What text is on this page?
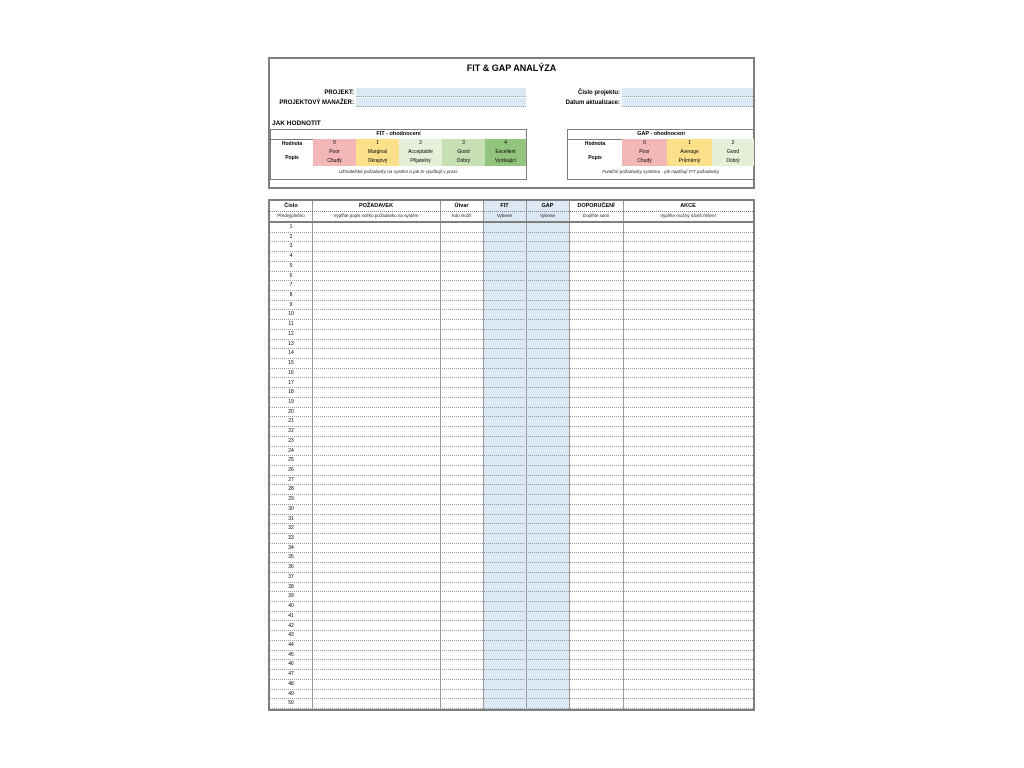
FIT & GAP ANALÝZA
PROJEKT:
PROJEKTOVÝ MANAŽER:
Číslo projektu:
Datum aktualizace:
JAK HODNOTIT
FIT - ohodnocení
Hodnota
Popis
0
Poor
Chudý
1
Marginal
Okrajový
2
Acceptable
Přijatelný
3
Good
Dobrý
4
Excellent
Vynikající
Užívatelské požadavky na systém a jak to vyučkají v praxi.
GAP - ohodnocení
Hodnota
Popis
0
Poor
Chudý
1
Average
Průměrný
2
Good
Dobrý
Funkční požadavky systému - jak naplňují FIT požadavky.
Číslo
Předvyplněno
POŽADAVEK
Vyplňte popis svého požadavku na systém
Útvar
Kdo vložil
FIT
Vyberte
GAP
Vyberte
DOPORUČENÍ
Doplňte sami
AKCE
Vyplňte možný návrh řešení
1
2
3
4
5
6
7
8
9
10
11
12
13
14
15
16
17
18
19
20
21
22
23
24
25
26
27
28
29
30
31
32
33
34
35
36
37
38
39
40
41
42
43
44
45
46
47
48
49
50
